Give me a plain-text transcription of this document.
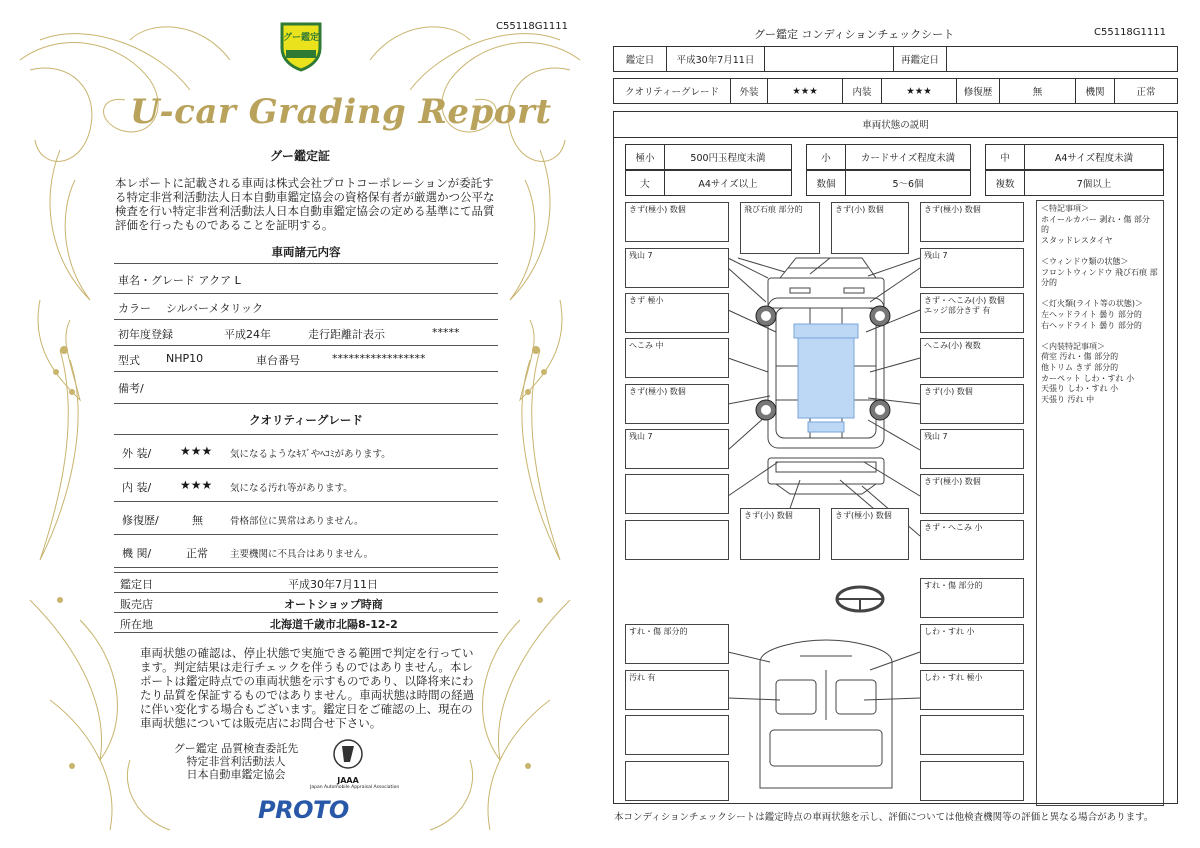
C55118G1111
グー鑑定
U-car Grading Report
グー鑑定証
本レポートに記載される車両は株式会社プロトコーポレーションが委託する特定非営利活動法人日本自動車鑑定協会の資格保有者が厳選かつ公平な検査を行い特定非営利活動法人日本自動車鑑定協会の定める基準にて品質評価を行ったものであることを証明する。
車両諸元内容
車名・グレード アクア L
カラー シルバーメタリック
初年度登録	平成24年	走行距離計表示	*****
型式 NHP10	車台番号	*****************
備考/
クオリティーグレード
外 装/ ★★★ 気になるようなｷｽﾞやﾍｺﾐがあります。
内 装/ ★★★ 気になる汚れ等があります。
修復歴/	無	骨格部位に異常はありません。
機 関/	正常 主要機関に不具合はありません。
鑑定日	平成30年7月11日
販売店	オートショップ時商
所在地	北海道千歳市北陽8-12-2
車両状態の確認は、停止状態で実施できる範囲で判定を行っています。判定結果は走行チェックを伴うものではありません。本レポートは鑑定時点での車両状態を示すものであり、以降将来にわたり品質を保証するものではありません。車両状態は時間の経過に伴い変化する場合もございます。鑑定日をご確認の上、現在の車両状態については販売店にお問合せ下さい。
グー鑑定 品質検査委託先
特定非営利活動法人
日本自動車鑑定協会	JAAA
Japan Automobile Appraisal Association
PROTO
グー鑑定 コンディションチェックシート	C55118G1111
鑑定日	平成30年7月11日	再鑑定日
クオリティーグレード	外装	★★★	内装	★★★	修復歴	無	機関	正常
車両状態の説明
極小	500円玉程度未満	小	カードサイズ程度未満	中	A4サイズ程度未満
大	A4サイズ以上	数個	5～6個	複数	7個以上
きず(極小) 数個	飛び石痕 部分的	きず(小) 数個	きず(極小) 数個
残山 7	残山 7
きず 極小	きず・へこみ(小) 数個
エッジ部分きず 有
へこみ 中	へこみ(小) 複数
きず(極小) 数個	きず(小) 数個
残山 7	残山 7
きず(極小) 数個
きず(小) 数個	きず(極小) 数個
きず・へこみ 小
すれ・傷 部分的
すれ・傷 部分的	しわ・すれ 小
汚れ 有	しわ・すれ 極小
＜特記事項＞
ホイールカバー 剥れ・傷 部分
的
スタッドレスタイヤ

＜ウィンドウ類の状態＞
フロントウィンドウ 飛び石痕 部
分的

＜灯火類(ライト等の状態)＞
左ヘッドライト 曇り 部分的
右ヘッドライト 曇り 部分的

＜内装特記事項＞
荷室 汚れ・傷 部分的
他トリム きず 部分的
カーペット しわ・すれ 小
天張り しわ・すれ 小
天張り 汚れ 中
本コンディションチェックシートは鑑定時点の車両状態を示し、評価については他検査機関等の評価と異なる場合があります。
